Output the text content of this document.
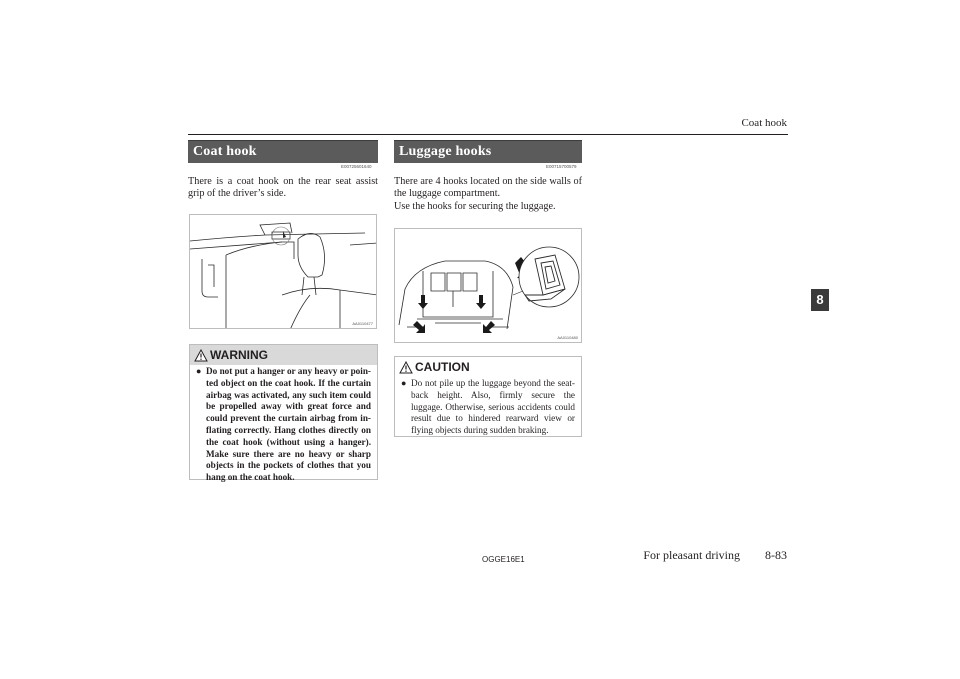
Coat hook
8
Coat hook
E00725601640
There is a coat hook on the rear seat assist grip of the driver’s side.
AA0110477
WARNING
● Do not put a hanger or any heavy or poin-ted object on the coat hook. If the curtain airbag was activated, any such item could be propelled away with great force and could prevent the curtain airbag from in-flating correctly. Hang clothes directly on the coat hook (without using a hanger). Make sure there are no heavy or sharp objects in the pockets of clothes that you hang on the coat hook.
Luggage hooks
E00715700579
There are 4 hooks located on the side walls of the luggage compartment.
Use the hooks for securing the luggage.
AA0110480
CAUTION
● Do not pile up the luggage beyond the seat-back height. Also, firmly secure the luggage. Otherwise, serious accidents could result due to hindered rearward view or flying objects during sudden braking.
OGGE16E1	For pleasant driving 8-83
